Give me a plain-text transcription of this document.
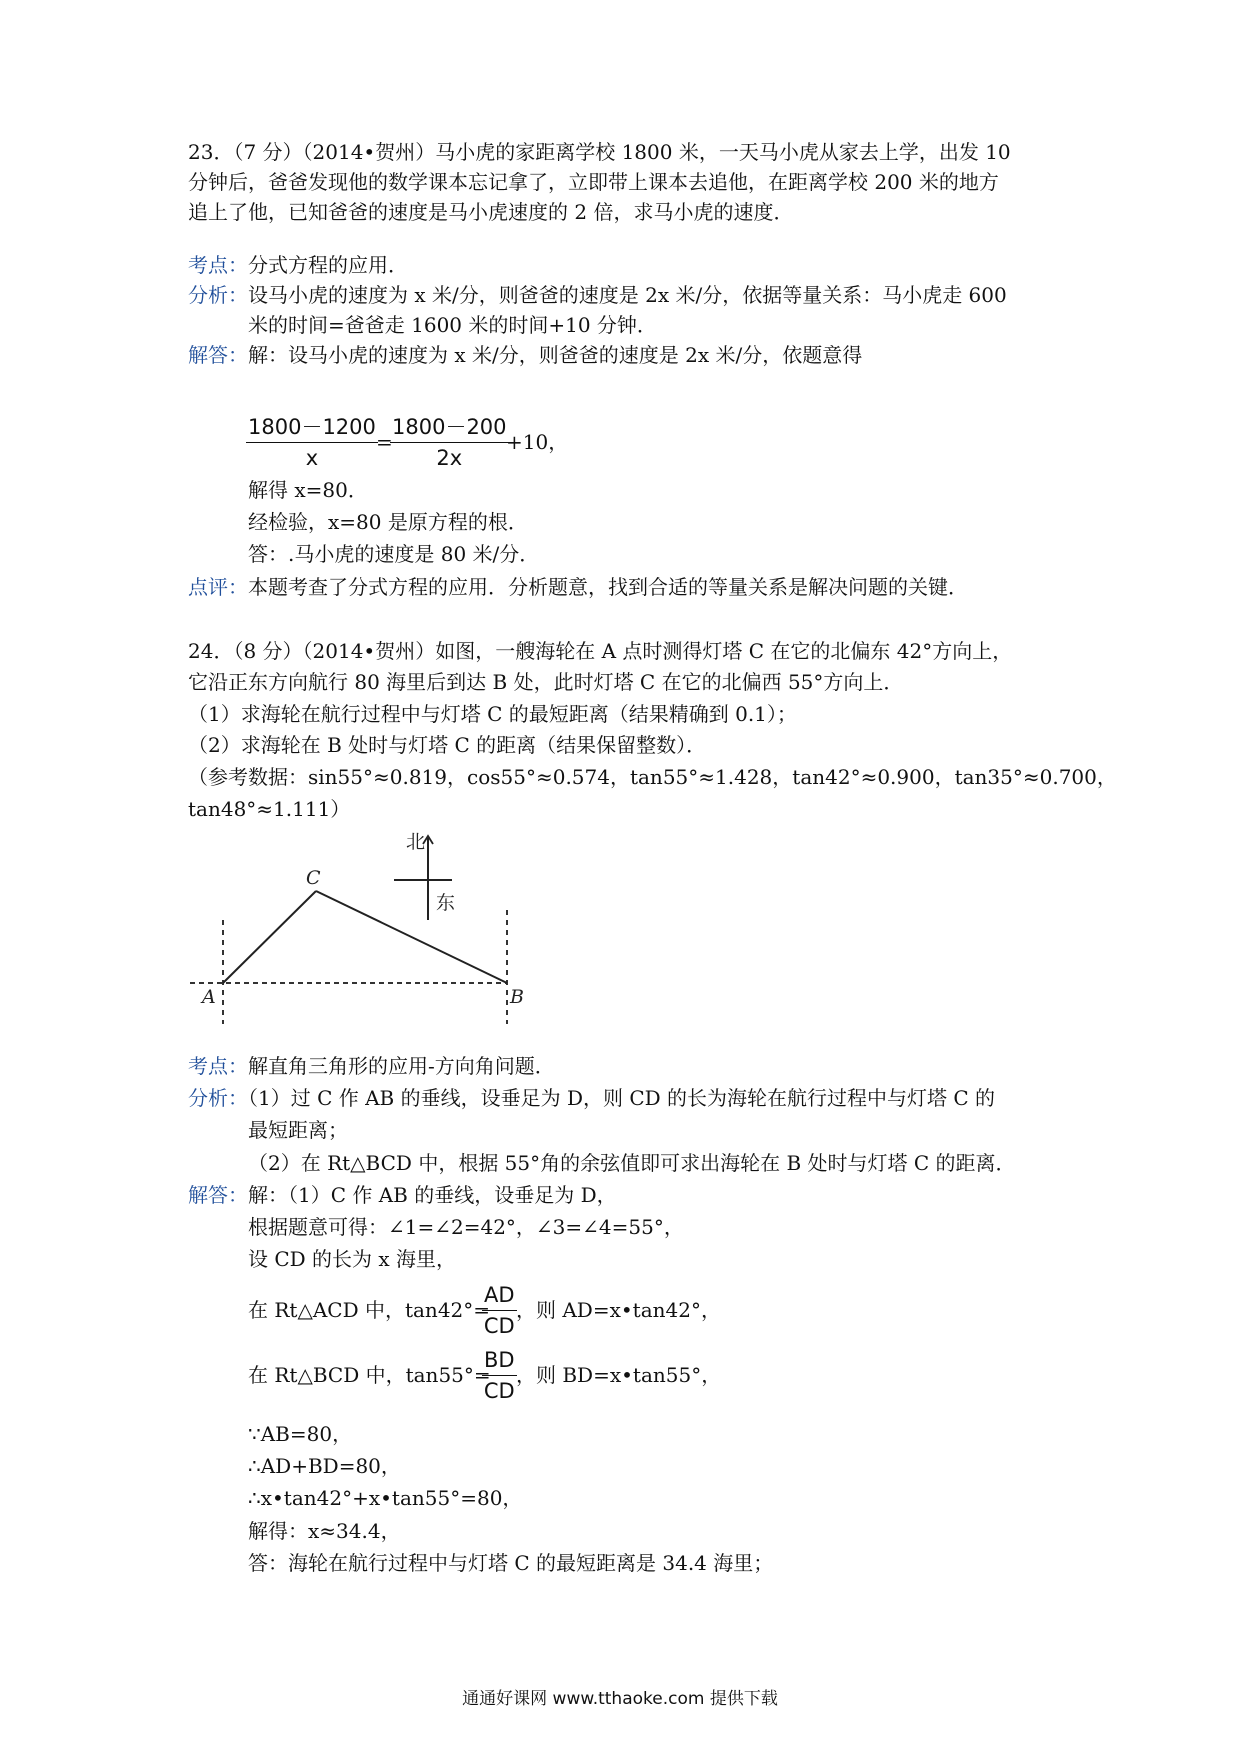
23．（7 分）（2014•贺州）马小虎的家距离学校 1800 米，一天马小虎从家去上学，出发 10
分钟后，爸爸发现他的数学课本忘记拿了，立即带上课本去追他，在距离学校 200 米的地方
追上了他，已知爸爸的速度是马小虎速度的 2 倍，求马小虎的速度．
考点：分式方程的应用．
分析：设马小虎的速度为 x 米/分，则爸爸的速度是 2x 米/分，依据等量关系：马小虎走 600
米的时间=爸爸走 1600 米的时间+10 分钟．
解答：解：设马小虎的速度为 x 米/分，则爸爸的速度是 2x 米/分，依题意得
$\frac{1800-1200}{x}$
=
$\frac{1800-200}{2x}$
+10，
解得 x=80．
经检验，x=80 是原方程的根．
答：.马小虎的速度是 80 米/分．
点评：本题考查了分式方程的应用．分析题意，找到合适的等量关系是解决问题的关键．
24．（8 分）（2014•贺州）如图，一艘海轮在 A 点时测得灯塔 C 在它的北偏东 42°方向上，
它沿正东方向航行 80 海里后到达 B 处，此时灯塔 C 在它的北偏西 55°方向上．
（1）求海轮在航行过程中与灯塔 C 的最短距离（结果精确到 0.1）；
（2）求海轮在 B 处时与灯塔 C 的距离（结果保留整数）．
（参考数据：sin55°≈0.819，cos55°≈0.574，tan55°≈1.428，tan42°≈0.900，tan35°≈0.700，
tan48°≈1.111）
A	B
C
北
东
考点：解直角三角形的应用-方向角问题．
分析：（1）过 C 作 AB 的垂线，设垂足为 D，则 CD 的长为海轮在航行过程中与灯塔 C 的
最短距离；
（2）在 Rt△BCD 中，根据 55°角的余弦值即可求出海轮在 B 处时与灯塔 C 的距离．
解答：解：（1）C 作 AB 的垂线，设垂足为 D，
根据题意可得：∠1=∠2=42°，∠3=∠4=55°，
设 CD 的长为 x 海里，
在 Rt△ACD 中，tan42°=
$\frac{AD}{CD}$ ，则 AD=x•tan42°，
在 Rt△BCD 中，tan55°=
$\frac{BD}{CD}$ ，则 BD=x•tan55°，
∵AB=80，
∴AD+BD=80，
∴x•tan42°+x•tan55°=80，
解得：x≈34.4，
答：海轮在航行过程中与灯塔 C 的最短距离是 34.4 海里；
通通好课网 www.tthaoke.com 提供下载
